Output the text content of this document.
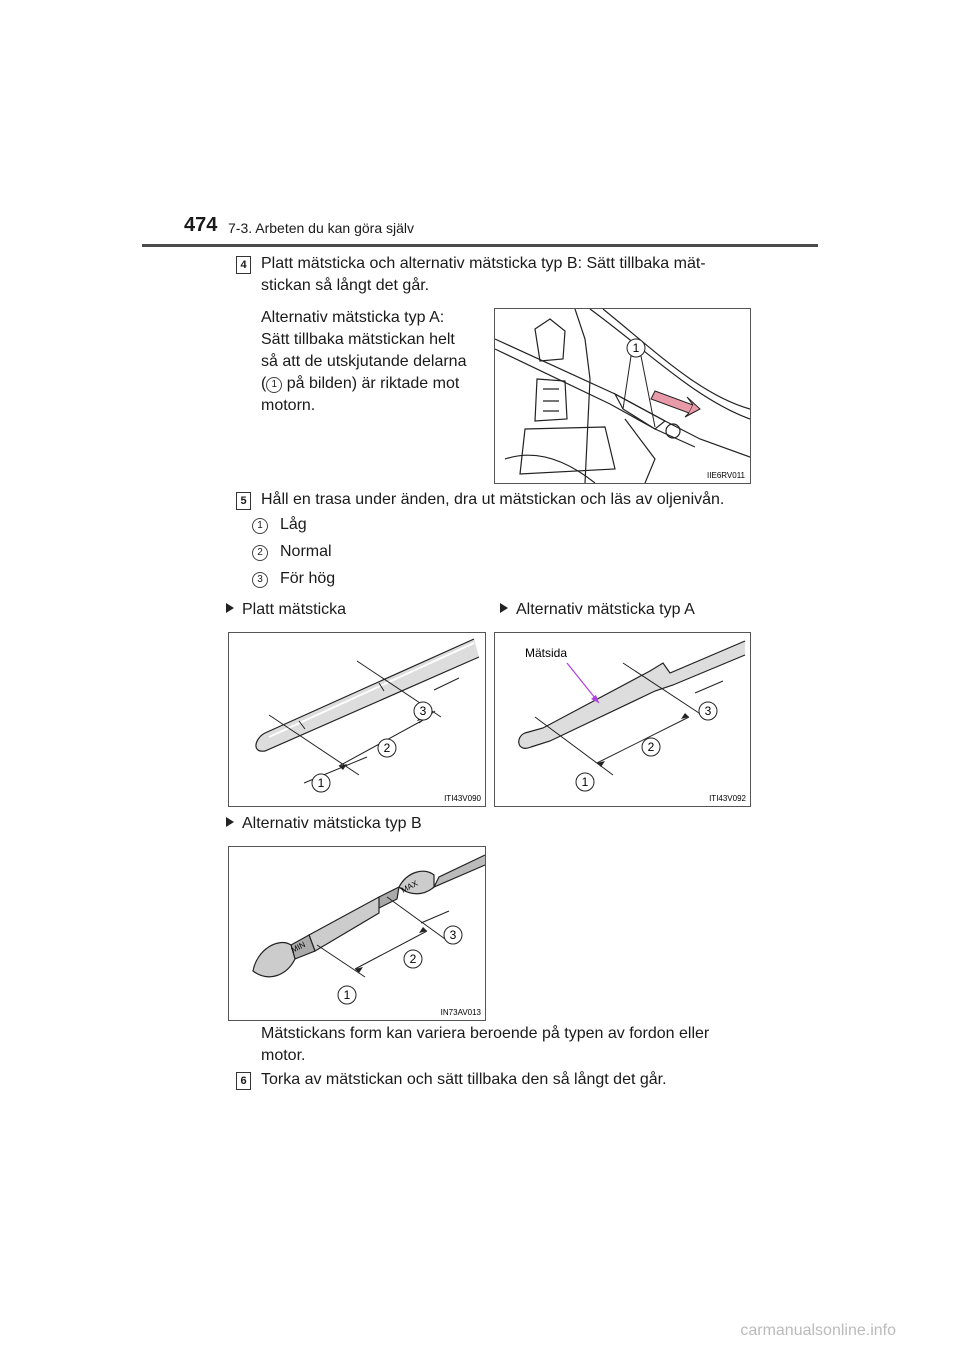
474 7-3. Arbeten du kan göra själv
4 Platt mätsticka och alternativ mätsticka typ B: Sätt tillbaka mät-
stickan så långt det går.
Alternativ mätsticka typ A:
Sätt tillbaka mätstickan helt
så att de utskjutande delarna
( 1 på bilden) är riktade mot
motorn.
1
IIE6RV011
5 Håll en trasa under änden, dra ut mätstickan och läs av oljenivån.
1 Låg
2 Normal
3 För hög
Platt mätsticka	Alternativ mätsticka typ A
1
2
3
ITI43V090
Mätsida
1
2
3
ITI43V092
Alternativ mätsticka typ B
MAX
MIN
1
2
3
IN73AV013
Mätstickans form kan variera beroende på typen av fordon eller
motor.
6 Torka av mätstickan och sätt tillbaka den så långt det går.
carmanualsonline.info
